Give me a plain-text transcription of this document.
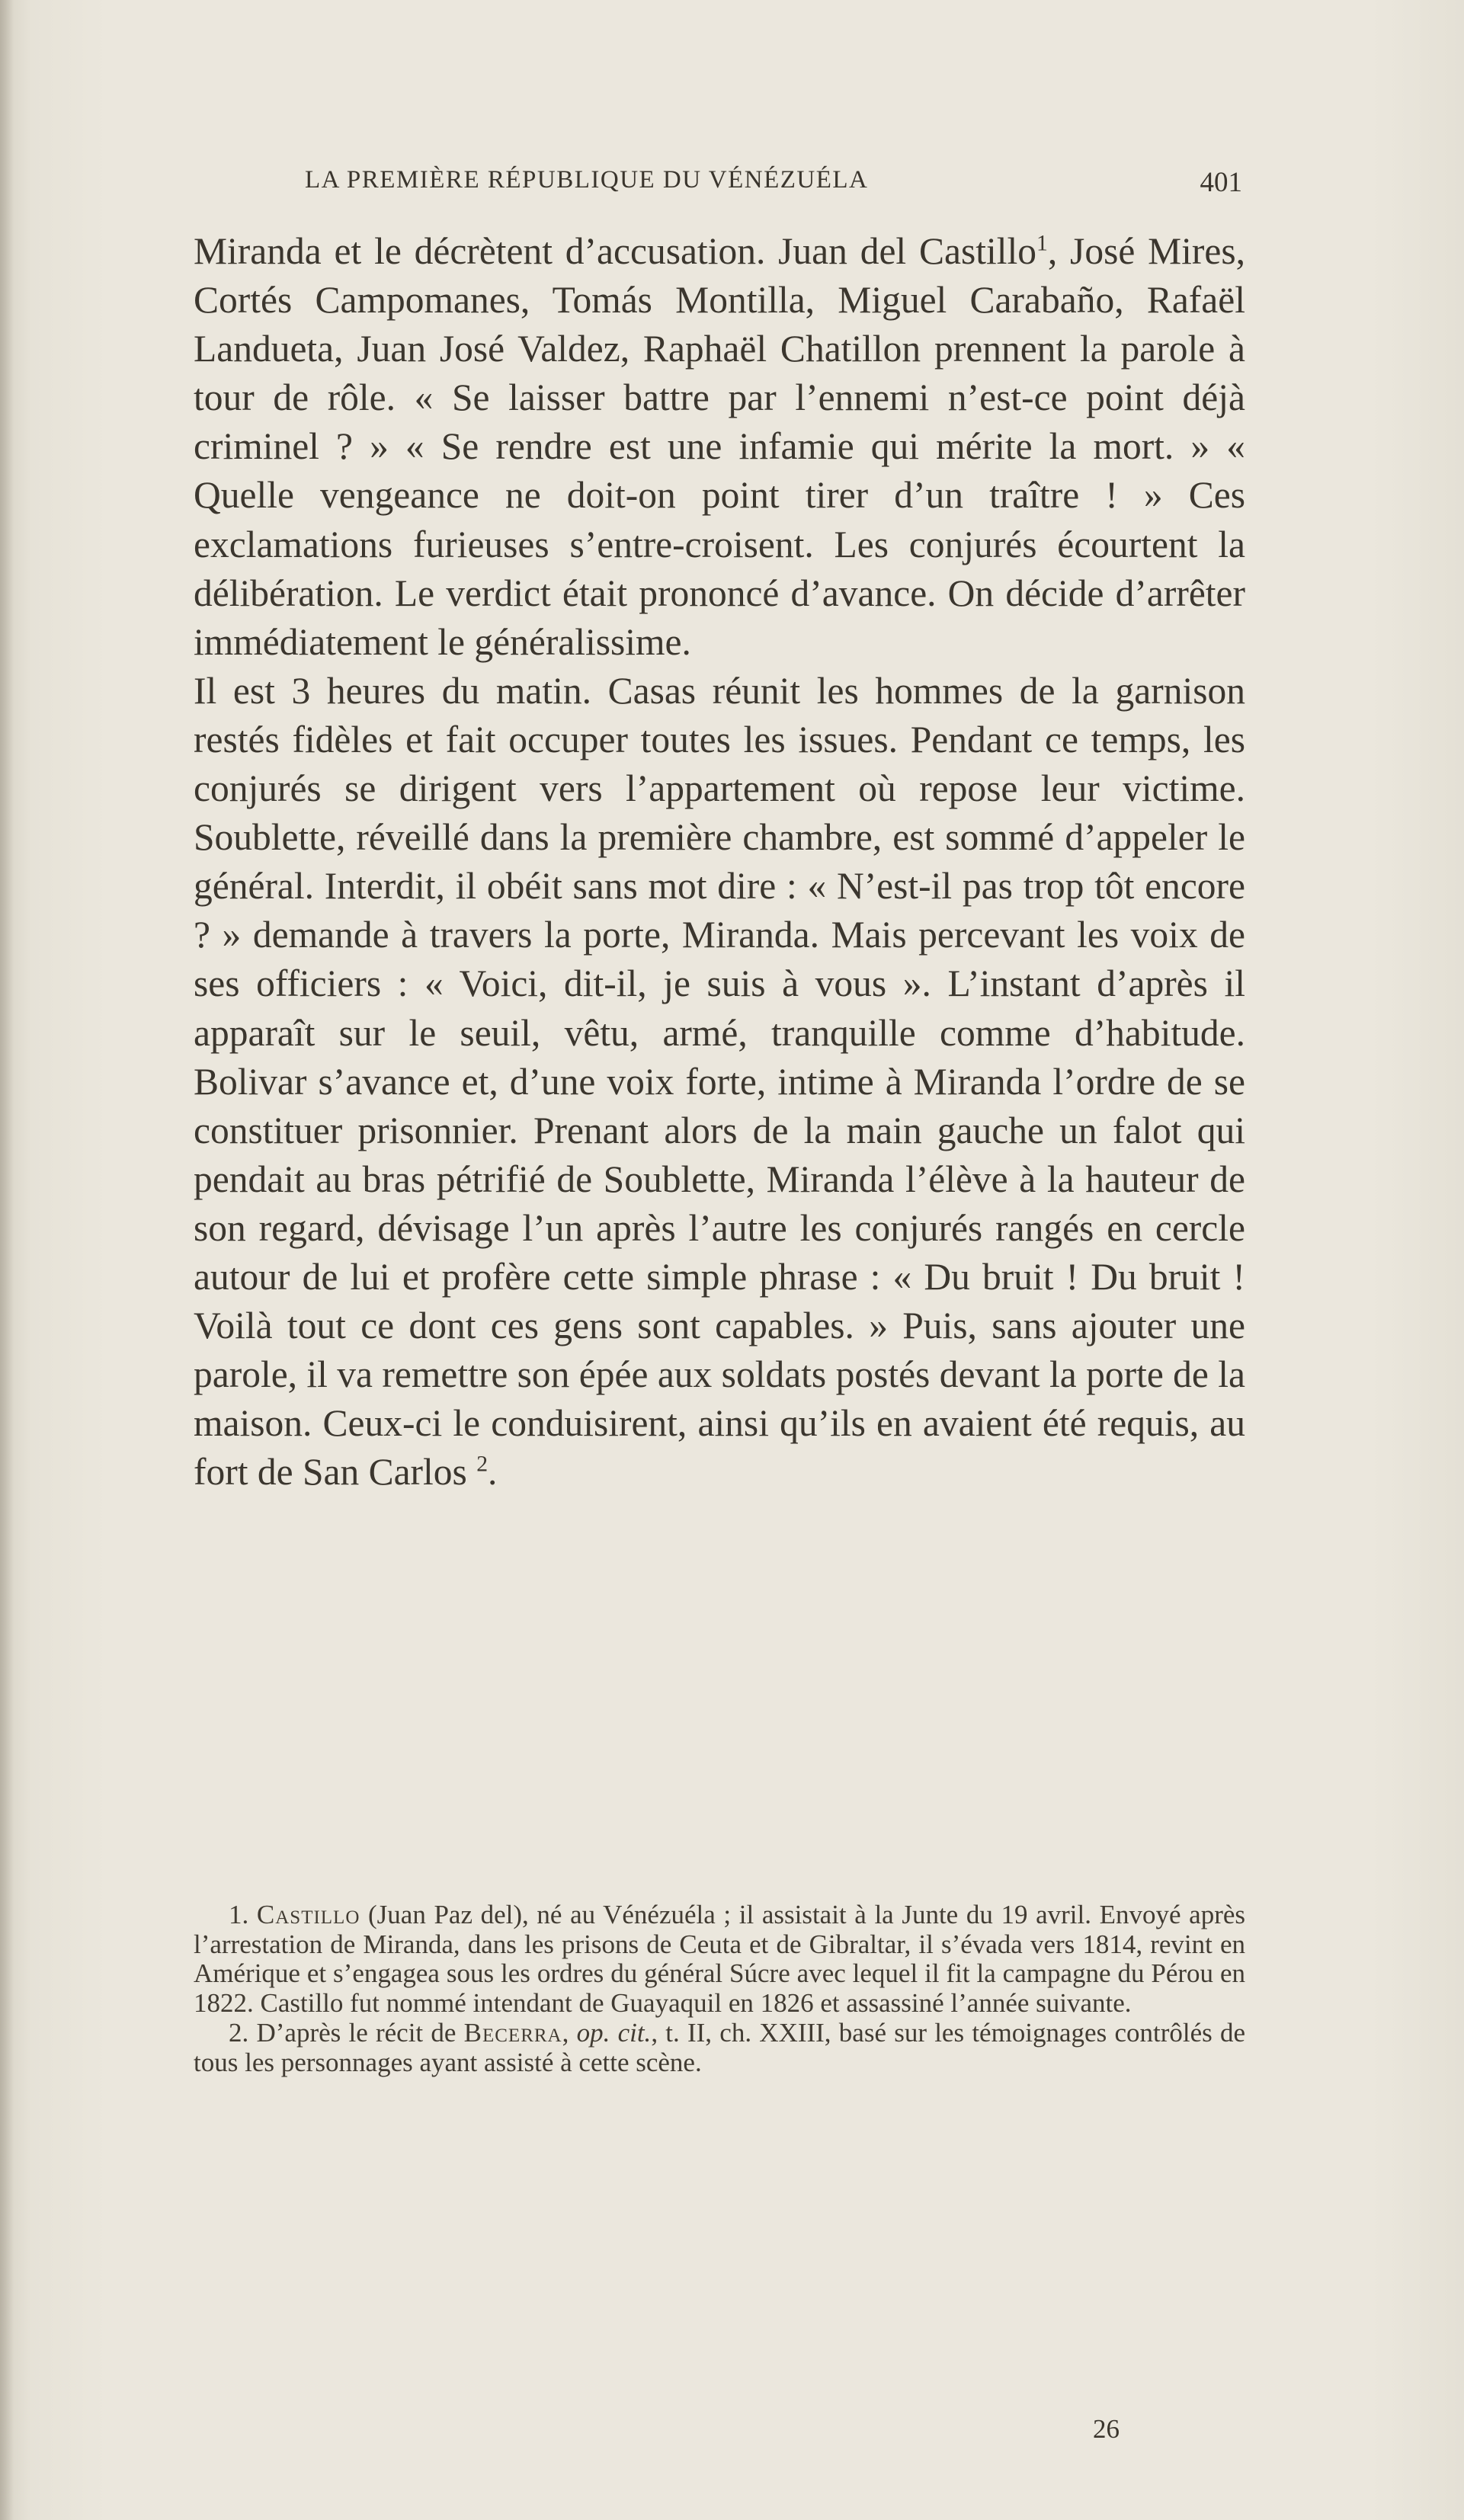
LA PREMIÈRE RÉPUBLIQUE DU VÉNÉZUÉLA	401

Miranda et le décrètent d’accusation. Juan del Castillo$^1$, José Mires, Cortés Campomanes, Tomás Montilla, Miguel Carabaño, Rafaël Landueta, Juan José Valdez, Raphaël Chatillon prennent la parole à tour de rôle. « Se laisser battre par l’ennemi n’est-ce point déjà criminel ? » « Se rendre est une infamie qui mérite la mort. » « Quelle vengeance ne doit-on point tirer d’un traître ! » Ces exclamations furieuses s’entre-croisent. Les conjurés écourtent la délibération. Le verdict était prononcé d’avance. On décide d’arrêter immédiatement le généralissime.

Il est 3 heures du matin. Casas réunit les hommes de la garnison restés fidèles et fait occuper toutes les issues. Pendant ce temps, les conjurés se dirigent vers l’appartement où repose leur victime. Soublette, réveillé dans la première chambre, est sommé d’appeler le général. Interdit, il obéit sans mot dire : « N’est-il pas trop tôt encore ? » demande à travers la porte, Miranda. Mais percevant les voix de ses officiers : « Voici, dit-il, je suis à vous ». L’instant d’après il apparaît sur le seuil, vêtu, armé, tranquille comme d’habitude. Bolivar s’avance et, d’une voix forte, intime à Miranda l’ordre de se constituer prisonnier. Prenant alors de la main gauche un falot qui pendait au bras pétrifié de Soublette, Miranda l’élève à la hauteur de son regard, dévisage l’un après l’autre les conjurés rangés en cercle autour de lui et profère cette simple phrase : « Du bruit ! Du bruit ! Voilà tout ce dont ces gens sont capables. » Puis, sans ajouter une parole, il va remettre son épée aux soldats postés devant la porte de la maison. Ceux-ci le conduisirent, ainsi qu’ils en avaient été requis, au fort de San Carlos $^2$.

1. Castillo (Juan Paz del), né au Vénézuéla ; il assistait à la Junte du 19 avril. Envoyé après l’arrestation de Miranda, dans les prisons de Ceuta et de Gibraltar, il s’évada vers 1814, revint en Amérique et s’engagea sous les ordres du général Súcre avec lequel il fit la campagne du Pérou en 1822. Castillo fut nommé intendant de Guayaquil en 1826 et assassiné l’année suivante.

2. D’après le récit de Becerra, op. cit., t. II, ch. XXIII, basé sur les témoignages contrôlés de tous les personnages ayant assisté à cette scène.

26
